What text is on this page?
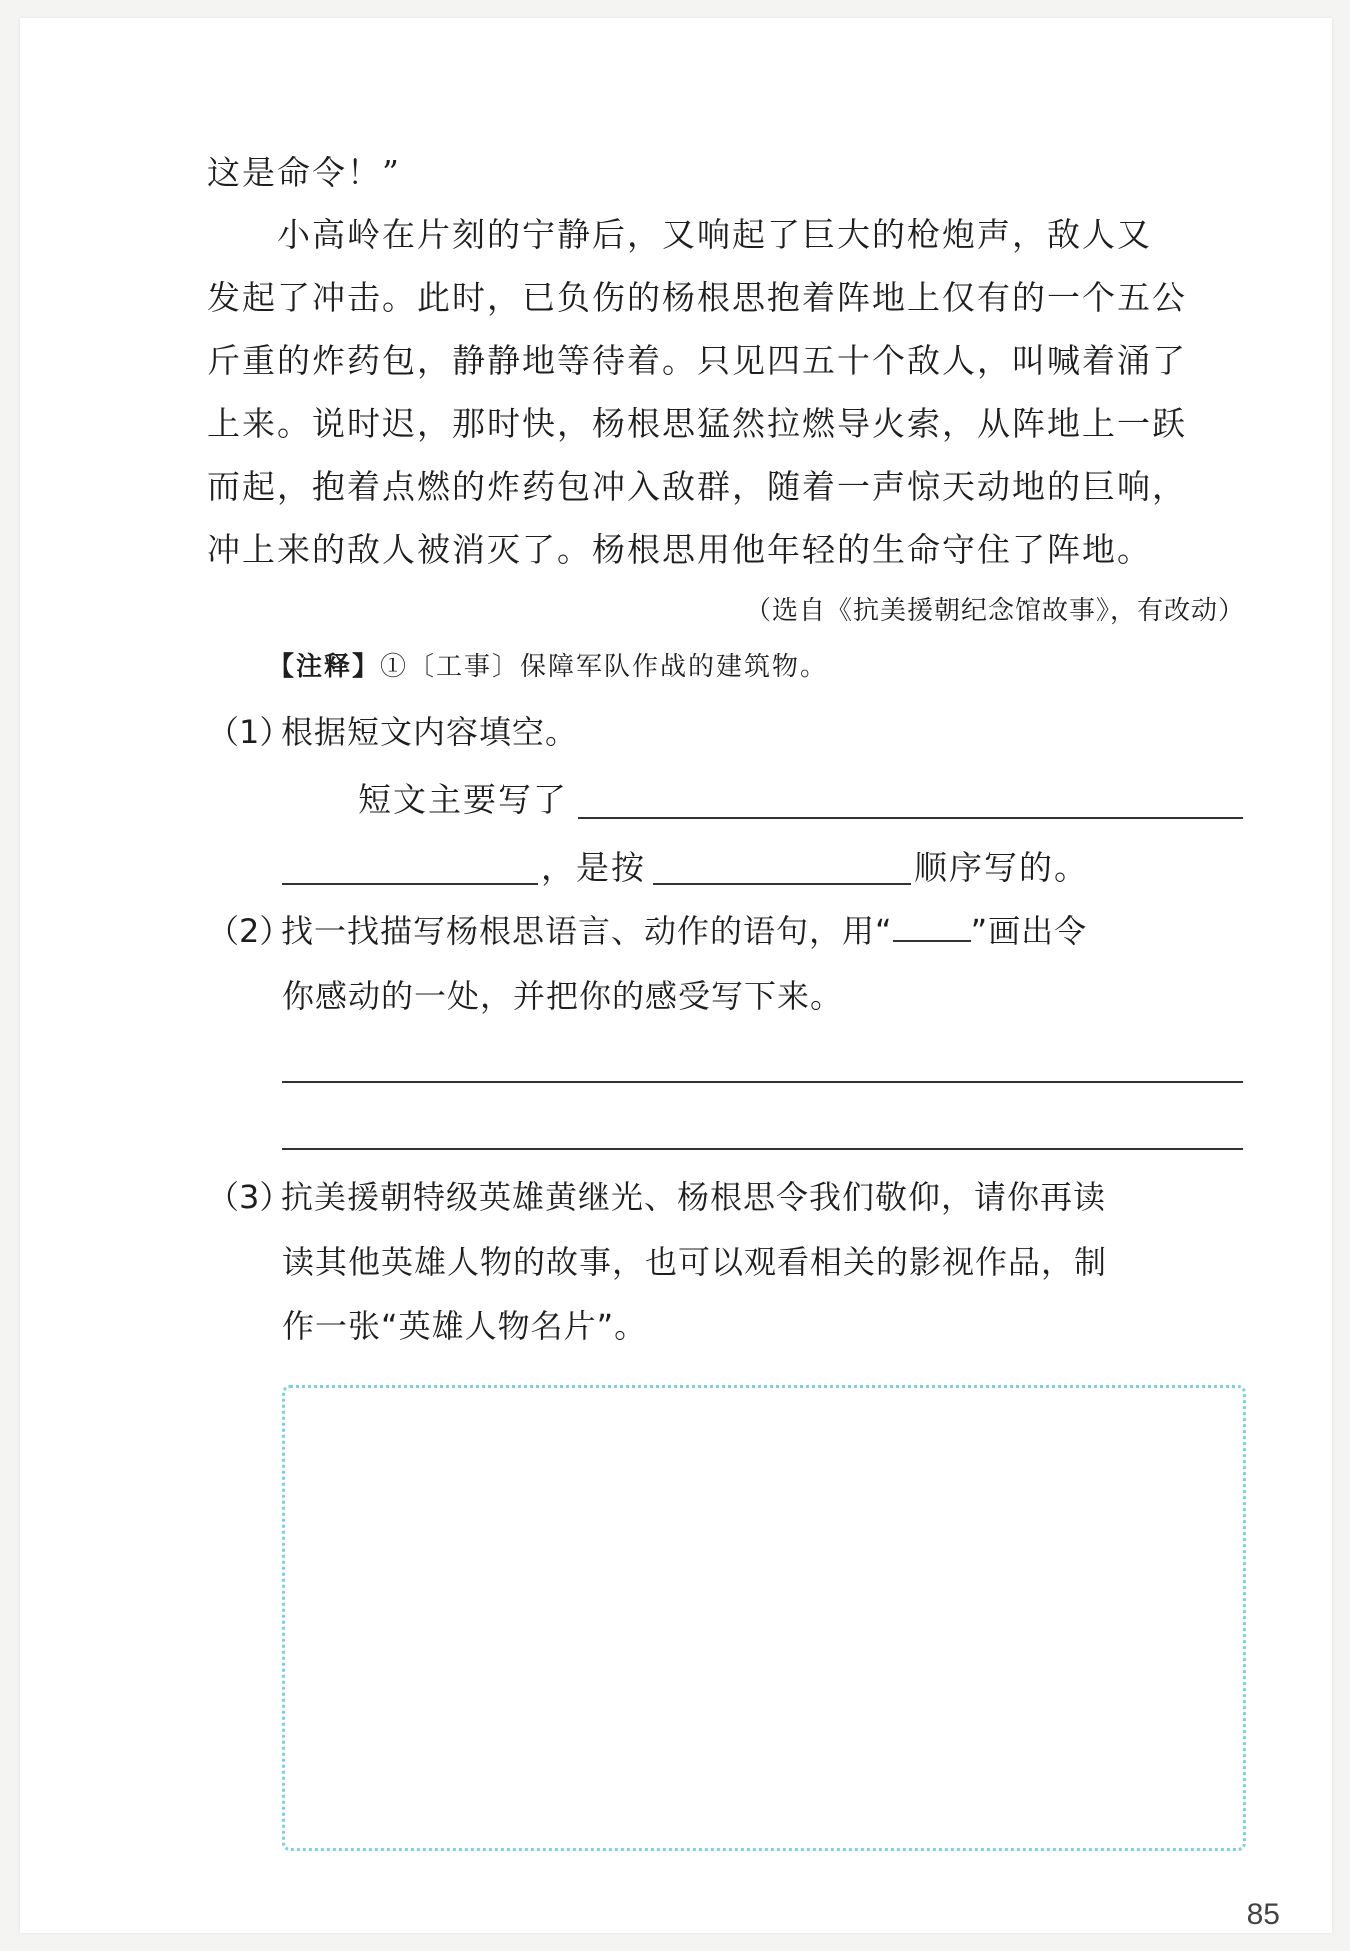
这是命令！”
小高岭在片刻的宁静后，又响起了巨大的枪炮声，敌人又
发起了冲击。此时，已负伤的杨根思抱着阵地上仅有的一个五公
斤重的炸药包，静静地等待着。只见四五十个敌人，叫喊着涌了
上来。说时迟，那时快，杨根思猛然拉燃导火索，从阵地上一跃
而起，抱着点燃的炸药包冲入敌群，随着一声惊天动地的巨响，
冲上来的敌人被消灭了。杨根思用他年轻的生命守住了阵地。
（选自《抗美援朝纪念馆故事》，有改动）
【注释】①〔工事〕保障军队作战的建筑物。
（1）根据短文内容填空。
短文主要写了
，是按	顺序写的。
（2）找一找描写杨根思语言、动作的语句，用“ ”画出令
你感动的一处，并把你的感受写下来。
（3）抗美援朝特级英雄黄继光、杨根思令我们敬仰，请你再读
读其他英雄人物的故事，也可以观看相关的影视作品，制
作一张“英雄人物名片”。
85
